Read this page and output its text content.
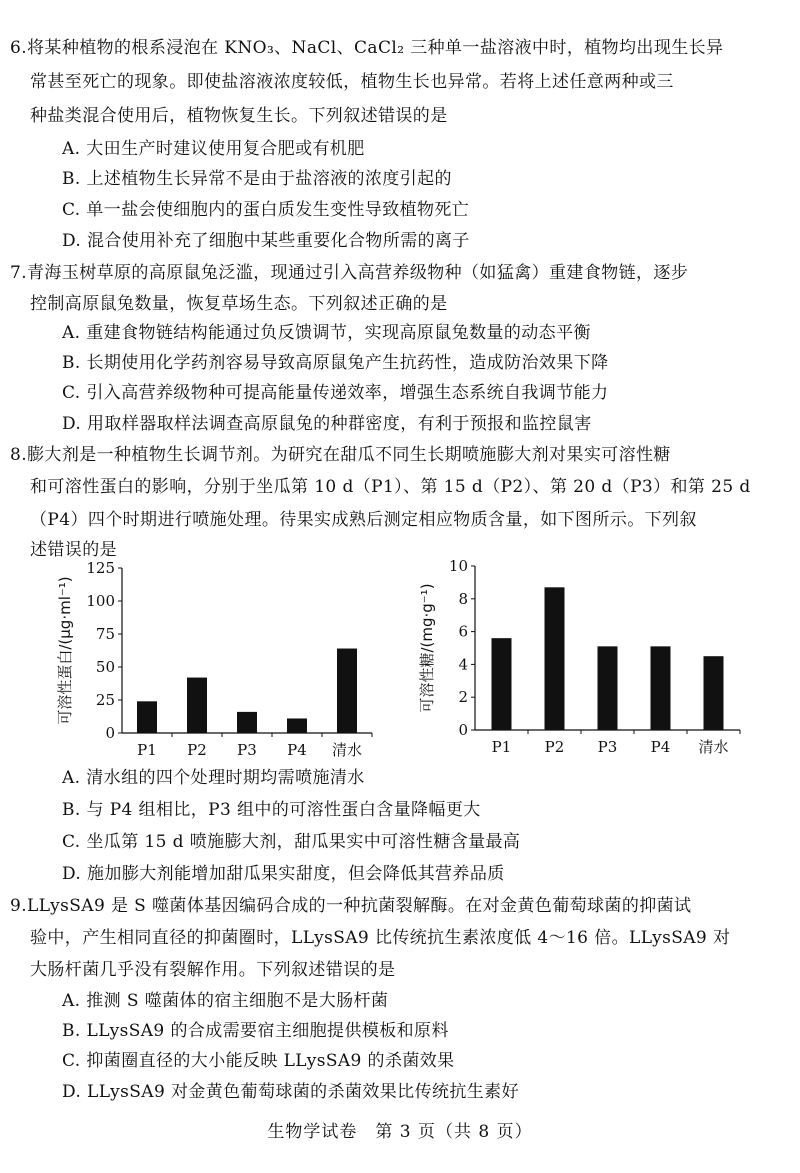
6.将某种植物的根系浸泡在 KNO₃、NaCl、CaCl₂ 三种单一盐溶液中时，植物均出现生长异
常甚至死亡的现象。即使盐溶液浓度较低，植物生长也异常。若将上述任意两种或三
种盐类混合使用后，植物恢复生长。下列叙述错误的是
A. 大田生产时建议使用复合肥或有机肥
B. 上述植物生长异常不是由于盐溶液的浓度引起的
C. 单一盐会使细胞内的蛋白质发生变性导致植物死亡
D. 混合使用补充了细胞中某些重要化合物所需的离子
7.青海玉树草原的高原鼠兔泛滥，现通过引入高营养级物种（如猛禽）重建食物链，逐步
控制高原鼠兔数量，恢复草场生态。下列叙述正确的是
A. 重建食物链结构能通过负反馈调节，实现高原鼠兔数量的动态平衡
B. 长期使用化学药剂容易导致高原鼠兔产生抗药性，造成防治效果下降
C. 引入高营养级物种可提高能量传递效率，增强生态系统自我调节能力
D. 用取样器取样法调查高原鼠兔的种群密度，有利于预报和监控鼠害
8.膨大剂是一种植物生长调节剂。为研究在甜瓜不同生长期喷施膨大剂对果实可溶性糖
和可溶性蛋白的影响，分别于坐瓜第 10 d（P1）、第 15 d（P2）、第 20 d（P3）和第 25 d
（P4）四个时期进行喷施处理。待果实成熟后测定相应物质含量，如下图所示。下列叙
述错误的是
0
25
50
75
100
125
P1 P2 P3 P4 清水
可溶性蛋白/(μg·ml⁻¹)
0
2
4
6
8
10
P1 P2 P3 P4 清水
可溶性糖/(mg·g⁻¹)
A. 清水组的四个处理时期均需喷施清水
B. 与 P4 组相比，P3 组中的可溶性蛋白含量降幅更大
C. 坐瓜第 15 d 喷施膨大剂，甜瓜果实中可溶性糖含量最高
D. 施加膨大剂能增加甜瓜果实甜度，但会降低其营养品质
9.LLysSA9 是 S 噬菌体基因编码合成的一种抗菌裂解酶。在对金黄色葡萄球菌的抑菌试
验中，产生相同直径的抑菌圈时，LLysSA9 比传统抗生素浓度低 4～16 倍。LLysSA9 对
大肠杆菌几乎没有裂解作用。下列叙述错误的是
A. 推测 S 噬菌体的宿主细胞不是大肠杆菌
B. LLysSA9 的合成需要宿主细胞提供模板和原料
C. 抑菌圈直径的大小能反映 LLysSA9 的杀菌效果
D. LLysSA9 对金黄色葡萄球菌的杀菌效果比传统抗生素好
生物学试卷　第 3 页（共 8 页）
